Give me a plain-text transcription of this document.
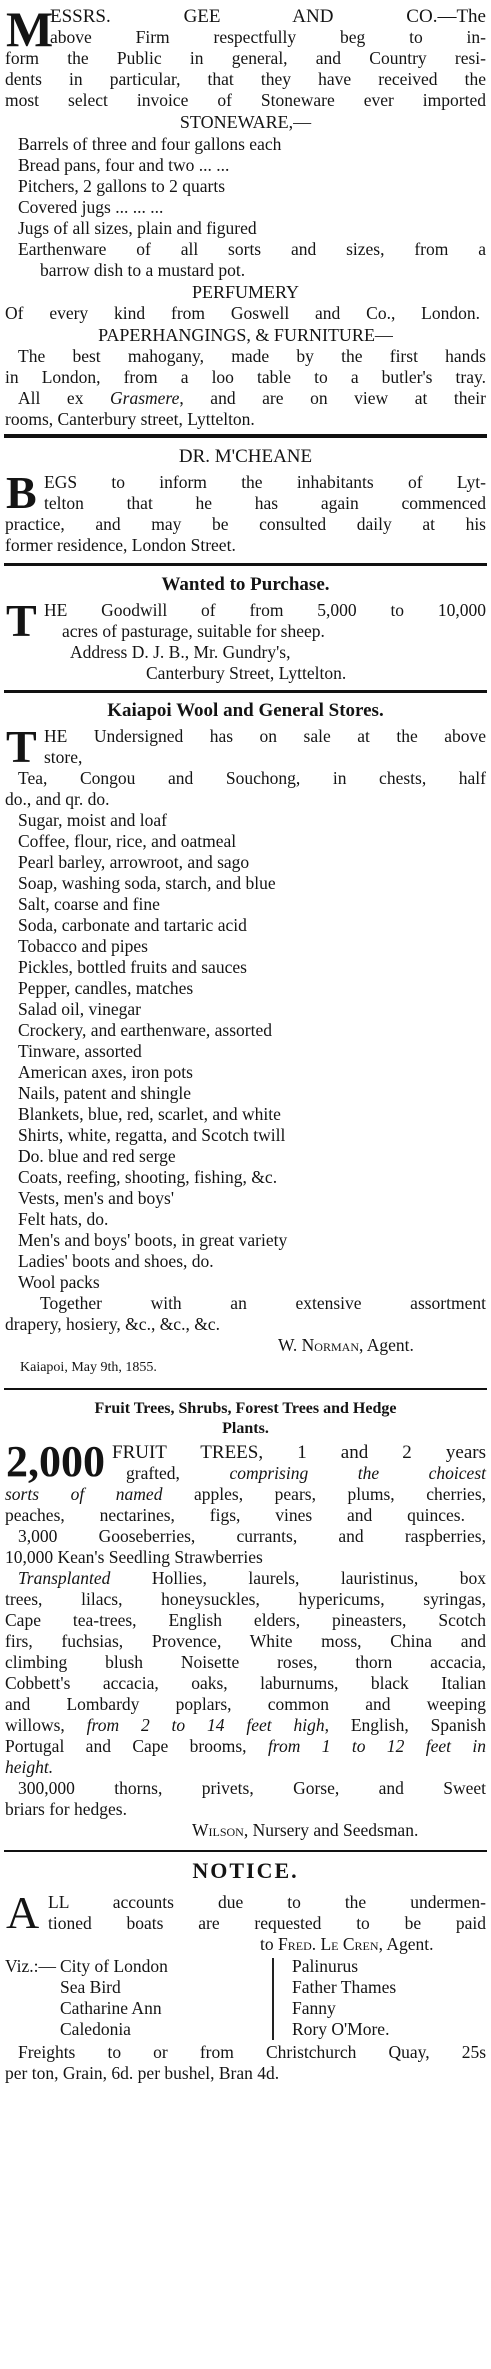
M
ESSRS. GEE AND CO.—The
above Firm respectfully beg to in-
form the Public in general, and Country resi-
dents in particular, that they have received the
most select invoice of Stoneware ever imported
STONEWARE,—
Barrels of three and four gallons each
Bread pans, four and two ... ...
Pitchers, 2 gallons to 2 quarts
Covered jugs ... ... ...
Jugs of all sizes, plain and figured
Earthenware of all sorts and sizes, from a
barrow dish to a mustard pot.
PERFUMERY
Of every kind from Goswell and Co., London.
PAPERHANGINGS, & FURNITURE—
The best mahogany, made by the first hands
in London, from a loo table to a butler's tray.
All ex Grasmere, and are on view at their
rooms, Canterbury street, Lyttelton.
DR. M'CHEANE
B EGS to inform the inhabitants of Lyt-
telton that he has again commenced
practice, and may be consulted daily at his
former residence, London Street.
Wanted to Purchase.
T HE Goodwill of from 5,000 to 10,000
acres of pasturage, suitable for sheep.
Address D. J. B., Mr. Gundry's,
Canterbury Street, Lyttelton.
Kaiapoi Wool and General Stores.
T HE Undersigned has on sale at the above
store,
Tea, Congou and Souchong, in chests, half
do., and qr. do.
Sugar, moist and loaf
Coffee, flour, rice, and oatmeal
Pearl barley, arrowroot, and sago
Soap, washing soda, starch, and blue
Salt, coarse and fine
Soda, carbonate and tartaric acid
Tobacco and pipes
Pickles, bottled fruits and sauces
Pepper, candles, matches
Salad oil, vinegar
Crockery, and earthenware, assorted
Tinware, assorted
American axes, iron pots
Nails, patent and shingle
Blankets, blue, red, scarlet, and white
Shirts, white, regatta, and Scotch twill
Do. blue and red serge
Coats, reefing, shooting, fishing, &c.
Vests, men's and boys'
Felt hats, do.
Men's and boys' boots, in great variety
Ladies' boots and shoes, do.
Wool packs
Together with an extensive assortment
drapery, hosiery, &c., &c., &c.
W. Norman, Agent.
Kaiapoi, May 9th, 1855.
Fruit Trees, Shrubs, Forest Trees and Hedge
Plants.
2,000 FRUIT TREES, 1 and 2 years
grafted, comprising the choicest
sorts of named apples, pears, plums, cherries,
peaches, nectarines, figs, vines and quinces.
3,000 Gooseberries, currants, and raspberries,
10,000 Kean's Seedling Strawberries
Transplanted Hollies, laurels, lauristinus, box
trees, lilacs, honeysuckles, hypericums, syringas,
Cape tea-trees, English elders, pineasters, Scotch
firs, fuchsias, Provence, White moss, China and
climbing blush Noisette roses, thorn accacia,
Cobbett's accacia, oaks, laburnums, black Italian
and Lombardy poplars, common and weeping
willows, from 2 to 14 feet high, English, Spanish
Portugal and Cape brooms, from 1 to 12 feet in
height.
300,000 thorns, privets, Gorse, and Sweet
briars for hedges.
Wilson, Nursery and Seedsman.
NOTICE.
A LL accounts due to the undermen-
tioned boats are requested to be paid
to Fred. Le Cren, Agent.
Viz.:— City of London
Sea Bird
Catharine Ann
Caledonia
Palinurus
Father Thames
Fanny
Rory O'More.
Freights to or from Christchurch Quay, 25s
per ton, Grain, 6d. per bushel, Bran 4d.
